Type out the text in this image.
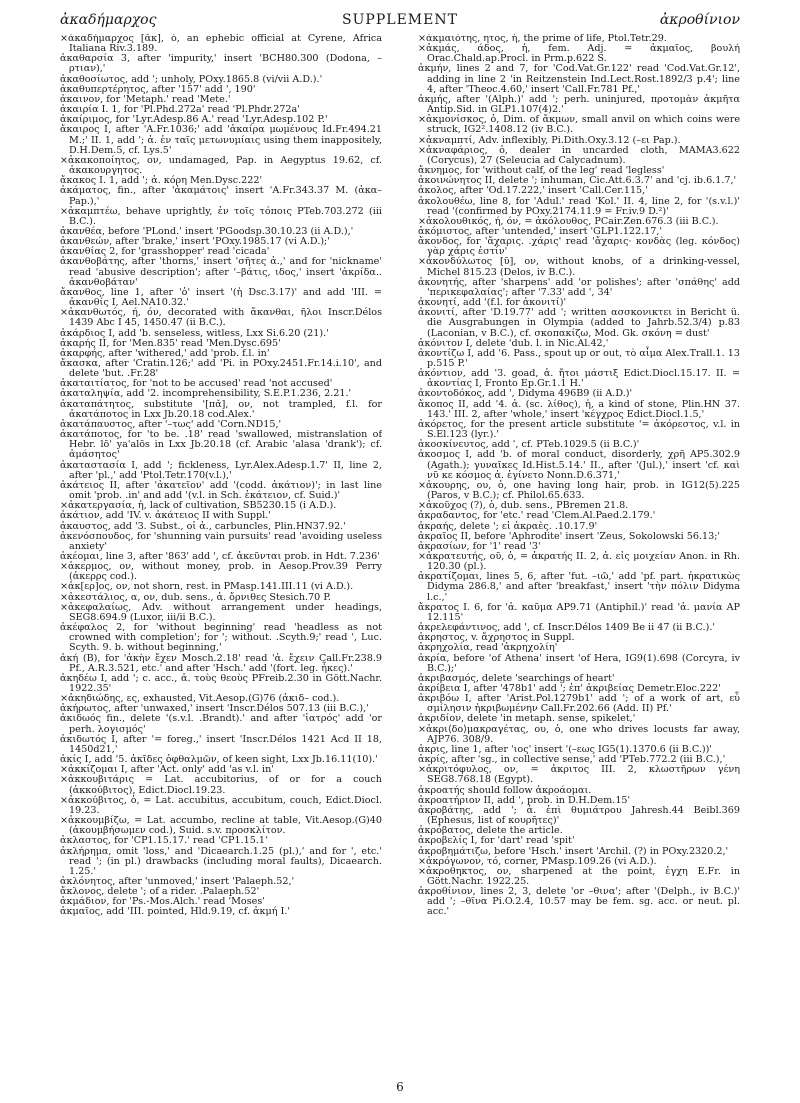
ἀκαδήμαρχος	SUPPLEMENT	ἀκροθίνιον

×ἀκαδήμαρχος [ᾰκ], ὁ, an ephebic official at Cyrene, Africa Italiana Riv.3.189.

ἀκαθαρσία 3, after 'impurity,' insert 'BCH80.300 (Dodona, –ρτιαν),'

ἀκαθοσίωτος, add '; unholy, POxy.1865.8 (vi/vii A.D.).'

ἀκαθυπερτέρητος, after '157' add ', 190'

ἀκαινον, for 'Metaph.' read 'Mete.'

ἀκαιρία I. 1, for 'Pl.Phd.272a' read 'Pl.Phdr.272a'

ἀκαίριμος, for 'Lyr.Adesp.86 A.' read 'Lyr.Adesp.102 P.'

ἄκαιρος I, after 'A.Fr.1036;' add 'ἀκαίρα μωμένους Id.Fr.494.21 M.;' II. 1, add '; ἀ. ἐν ταῖς μετωνυμίαις using them inappositely, D.H.Dem.5, cf. Lys.5'

×ἀκακοποίητος, ον, undamaged, Pap. in Aegyptus 19.62, cf. ἀκακουργητος.

ἄκακος I. 1, add '; ἀ. κόρη Men.Dysc.222'

ἀκάματος, fin., after 'ἀκαμάτοις' insert 'A.Fr.343.37 M. (ἀκα– Pap.),'

×ἀκαμπτέω, behave uprightly, ἐν τοῖς τόποις PTeb.703.272 (iii B.C.).

ἀκανθέα, before 'PLond.' insert 'PGoodsp.30.10.23 (ii A.D.),'

ἀκανθεών, after 'brake,' insert 'POxy.1985.17 (vi A.D.);'

ἀκανθίας 2, for 'grasshopper' read 'cicada'

ἀκανθοβάτης, after 'thorns,' insert 'σῆτες ἀ.,' and for 'nickname' read 'abusive description'; after '–βάτις, ιδος,' insert 'ἀκρίδα.. ἀκανθοβάταν'

ἄκανθος, line 1, after 'ὁ' insert '(ἡ Dsc.3.17)' and add 'III. = ἀκανθίς I, Ael.NA10.32.'

×ἀκανθωτός, ή, όν, decorated with ἄκανθαι, ῆλοι Inscr.Délos 1439 Abc I 45, 1450.47 (ii B.C.).

ἀκάρδιος I, add 'b. senseless, witless, Lxx Si.6.20 (21).'

ἀκαρής II, for 'Men.835' read 'Men.Dysc.695'

ἀκαρφής, after 'withered,' add 'prob. f.l. in'

ἄκασκα, after 'Cratin.126;' add 'Pi. in POxy.2451.Fr.14.i.10', and delete 'but. .Fr.28'

ἀκαταιτίατος, for 'not to be accused' read 'not accused'

ἀκαταληψία, add '2. incomprehensibility, S.E.P.1.236, 2.21.'

ἀκαταπάτητος, substitute '[πᾰ], ον, not trampled, f.l. for ἀκατάποτος in Lxx Jb.20.18 cod.Alex.'

ἀκατάπαυστος, after '–τως' add 'Corn.ND15,'

ἀκατάποτος, for 'to be. .18' read 'swallowed, mistranslation of Hebr. lō' ya'alōs in Lxx Jb.20.18 (cf. Arabic 'alasa 'drank'); cf. ἀμάσητος'

ἀκαταστασία I, add '; fickleness, Lyr.Alex.Adesp.1.7' II, line 2, after 'pl.,' add 'Ptol.Tetr.170(v.l.),'

ἀκάτειος II, after 'ἀκατεῖον' add '(codd. ἀκάτιον)'; in last line omit 'prob. .in' and add '(v.l. in Sch. ἐκάτειον, cf. Suid.)'

×ἀκατεργασία, ἡ, lack of cultivation, SB5230.15 (i A.D.).

ἀκάτιον, add 'IV. v. ἀκάτειος II with Suppl.'

ἀκαυστος, add '3. Subst., οἱ ἀ., carbuncles, Plin.HN37.92.'

ἀκενόσπουδος, for 'shunning vain pursuits' read 'avoiding useless anxiety'

ἀκέομαι, line 3, after '863' add ', cf. ἀκεῦνται prob. in Hdt. 7.236'

×ἀκερμος, ον, without money, prob. in Aesop.Prov.39 Perry (ἀκερρς cod.).

×ἀκ[ερ]ος, ον, not shorn, rest. in PMasp.141.III.11 (vi A.D.).

×ἀκεστάλιος, α, ον, dub. sens., ἀ. ὄρνιθες Stesich.70 P.

×ἀκεφαλαίως, Adv. without arrangement under headings, SEG8.694.9 (Luxor, iii/ii B.C.).

ἀκέφαλος 2, for 'without beginning' read 'headless as not crowned with completion'; for '; without. .Scyth.9;' read ', Luc. Scyth. 9. b. without beginning,'

ἀκή (B), for 'ἀκὴν ἔχεν Mosch.2.18' read 'ἀ. ἔχειν Call.Fr.238.9 Pf., A.R.3.521, etc.' and after 'Hsch.' add '(fort. leg. ἧκες).'

ἀκηδέω I, add '; c. acc., ἀ. τοὺς θεοὺς PFreib.2.30 in Gött.Nachr. 1922.35'

×ἀκηδιώδης, ες, exhausted, Vit.Aesop.(G)76 (ἀκιδ– cod.).

ἀκήρωτος, after 'unwaxed,' insert 'Inscr.Délos 507.13 (iii B.C.),'

ἀκιδωός fin., delete '(s.v.l. .Brandt).' and after 'ἰατρός' add 'or perh. λογισμός'

ἀκιδωτός I, after '= foreg.,' insert 'Inscr.Délos 1421 Acd II 18, 1450d21,'

ἀκίς I, add '5. ἀκῖδες ὀφθαλμῶν, of keen sight, Lxx Jb.16.11(10).'

×ἀκκίζομαι I, after 'Act. only' add 'as v.l. in'

×ἀκκουβιτάρις = Lat. accubitorius, of or for a couch (ἀκκούβιτος), Edict.Diocl.19.23.

×ἀκκούβιτος, ὁ, = Lat. accubitus, accubitum, couch, Edict.Diocl. 19.23.

×ἀκκουμβίζω, = Lat. accumbo, recline at table, Vit.Aesop.(G)40 (ἀκουμβήσωμεν cod.), Suid. s.v. προσκλίτον.

ἀκλαστος, for 'CP1.15.17.' read 'CP1.15.1'

ἀκλήρημα, omit 'loss,' and 'Dicaearch.1.25 (pl.),' and for ', etc.' read '; (in pl.) drawbacks (including moral faults), Dicaearch. 1.25.'

ἀκλόνητος, after 'unmoved,' insert 'Palaeph.52,'

ἄκλονος, delete '; of a rider. .Palaeph.52'

ἀκμάδιον, for 'Ps.-Mos.Alch.' read 'Moses'

ἀκμαῖος, add 'III. pointed, Hld.9.19, cf. ἀκμή I.'

×ἀκμαιότης, ητος, ἡ, the prime of life, Ptol.Tetr.29.

×ἀκμάς, άδος, ἡ, fem. Adj. = ἀκμαῖος, βουλή Orac.Chald.ap.Procl. in Prm.p.622 S.

ἀκμήν, lines 2 and 7, for 'Cod.Vat.Gr.122' read 'Cod.Vat.Gr.12', adding in line 2 'in Reitzenstein Ind.Lect.Rost.1892/3 p.4'; line 4, after 'Theoc.4.60,' insert 'Call.Fr.781 Pf.,'

ἀκμής, after '(Alph.)' add '; perh. uninjured, προτομὰν ἀκμῆτα Antip.Sid. in GLP1.107(4)2.'

×ἀκμονίσκος, ὁ, Dim. of ἄκμων, small anvil on which coins were struck, IG2².1408.12 (iv B.C.).

×ἀκναμπτί, Adv. inflexibly, Pi.Dith.Oxy.3.12 (–ει Pap.).

×ἀκναφάριος, ὁ, dealer in uncarded cloth, MAMA3.622 (Corycus), 27 (Seleucia ad Calycadnum).

ἄκνημος, for 'without calf, of the leg' read 'legless'

ἀκοινώνητος II, delete '; inhuman, Cic.Att.6.3.7' and 'cj. ib.6.1.7,'

ἀκολος, after 'Od.17.222,' insert 'Call.Cer.115,'

ἀκολουθέω, line 8, for 'Adul.' read 'Kol.' II. 4, line 2, for '(s.v.l.)' read '(confirmed by POxy.2174.11.9 = Fr.iv.9 D.²)'

×ἀκολουθικός, ή, όν, = ἀκόλουθος, PCair.Zen.676.3 (iii B.C.).

ἀκόμιστος, after 'untended,' insert 'GLP1.122.17,'

ἄκονδος, for 'ἄχαρις. .χάρις' read 'ἄχαρις· κονδὰς (leg. κόνδος) γὰρ χάρις ἐστίν'

×ἀκονδύλωτος [ῡ], ον, without knobs, of a drinking-vessel, Michel 815.23 (Delos, iv B.C.).

ἀκονητής, after 'sharpens' add 'or polishes'; after 'σπάθης' add 'περικεφαλαίας'; after '7.33' add ', 34'

ἀκονητί, add '(f.l. for ἀκονιτί)'

ἀκονιτί, after 'D.19.77' add '; written ασσκονικτει in Bericht ü. die Ausgrabungen in Olympia (added to Jahrb.52.3/4) p.83 (Laconian, v B.C.), cf. σκοπακίζω, Mod. Gk. σκόνη = dust'

ἀκόνιτον I, delete 'dub. l. in Nic.Al.42,'

ἀκοντίζω I, add '6. Pass., spout up or out, τὸ αἷμα Alex.Trall.1. 13 p.515 P.'

ἀκόντιον, add '3. goad, ἀ. ἤτοι μάστιξ Edict.Diocl.15.17. II. = ἀκοντίας I, Fronto Ep.Gr.1.1 H.'

ἀκοντοδόκος, add ', Didyma 496B9 (ii A.D.)'

ἄκοπος II, add '4. ἀ. (sc. λίθος), ἡ, a kind of stone, Plin.HN 37. 143.' III. 2, after 'whole,' insert 'κέγχρος Edict.Diocl.1.5,'

ἀκόρετος, for the present article substitute '= ἀκόρεστος, v.l. in S.El.123 (lyr.).'

ἀκοσκίνευτος, add ', cf. PTeb.1029.5 (ii B.C.)'

ἀκοσμος I, add 'b. of moral conduct, disorderly, χρῆ AP5.302.9 (Agath.); γυναῖκες Id.Hist.5.14.' II., after '(Jul.),' insert 'cf. καὶ νῦ κε κόσμος ἀ. ἐγίνετο Nonn.D.6.371,'

×ἀκουρης, ου, ὁ, one having long hair, prob. in IG12(5).225 (Paros, v B.C.); cf. Philol.65.633.

×ἀκοῦχος (?), ὁ, dub. sens., PBremen 21.8.

ἀκραδαντος, for 'etc.' read 'Clem.Al.Paed.2.179.'

ἀκραής, delete '; εἰ ἀκραὲς. .10.17.9'

ἀκραῖος II, before 'Aphrodite' insert 'Zeus, Sokolowski 56.13;'

ἀκρασίων, for '1' read '3'

×ἀκρατευτής, οῦ, ὁ, = ἀκρατής II. 2, ἀ. εἰς μοιχείαν Anon. in Rh. 120.30 (pl.).

ἀκρατίζομαι, lines 5, 6, after 'fut. –ιῶ,' add 'pf. part. ἠκρατικὼς Didyma 286.8,' and after 'breakfast,' insert 'τὴν πόλιν Didyma l.c.,'

ἄκρατος I. 6, for 'ἀ. καῦμα AP9.71 (Antiphil.)' read 'ἀ. μανία AP 12.115'

ἀκρελεφάντινος, add ', cf. Inscr.Délos 1409 Be ii 47 (ii B.C.).'

ἀκρηστος, v. ἄχρηστος in Suppl.

ἀκρηχολία, read 'ἀκρηχολίη'

ἀκρία, before 'of Athena' insert 'of Hera, IG9(1).698 (Corcyra, iv B.C.);'

ἀκριβασμός, delete 'searchings of heart'

ἀκρίβεια I, after '478b1' add '; ἐπ' ἀκριβείας Demetr.Eloc.222'

ἀκριβόω I, after 'Arist.Pol.1279b1' add '; of a work of art, εὖ σμίλησιν ἠκριβωμένην Call.Fr.202.66 (Add. II) Pf.'

ἀκριδίον, delete 'in metaph. sense, spikelet,'

×ἀκρι⟨δο⟩μακραγέτας, ου, ὁ, one who drives locusts far away, AJP76. 308/9.

ἀκρις, line 1, after 'ιος' insert '(–εως IG5(1).1370.6 (ii B.C.))'

ἀκρίς, after 'sg., in collective sense,' add 'PTeb.772.2 (iii B.C.),'

×ἀκριτόφυλος, ον, = ἀκριτος III. 2, κλωστῆρων γένη SEG8.768.18 (Egypt).

ἀκροατής should follow ἀκροάομαι.

ἀκροατήριον II, add ', prob. in D.H.Dem.15'

ἀκροβάτης, add '; ἀ. ἐπὶ θυμιάτρου Jahresh.44 Beibl.369 (Ephesus, list of κουρῆτες)'

ἀκρόβατος, delete the article.

ἀκροβελίς I, for 'dart' read 'spit'

ἀκροβημάτιζω, before 'Hsch.' insert 'Archil. (?) in POxy.2320.2,'

×ἀκρόγωνον, τό, corner, PMasp.109.26 (vi A.D.).

×ἀκροθηκτος, ον, sharpened at the point, ἐγχη E.Fr. in Gött.Nachr. 1922.25.

ἀκροθίνιον, lines 2, 3, delete 'or –θινα'; after '(Delph., iv B.C.)' add '; –θῖνα Pi.O.2.4, 10.57 may be fem. sg. acc. or neut. pl. acc.'

6
